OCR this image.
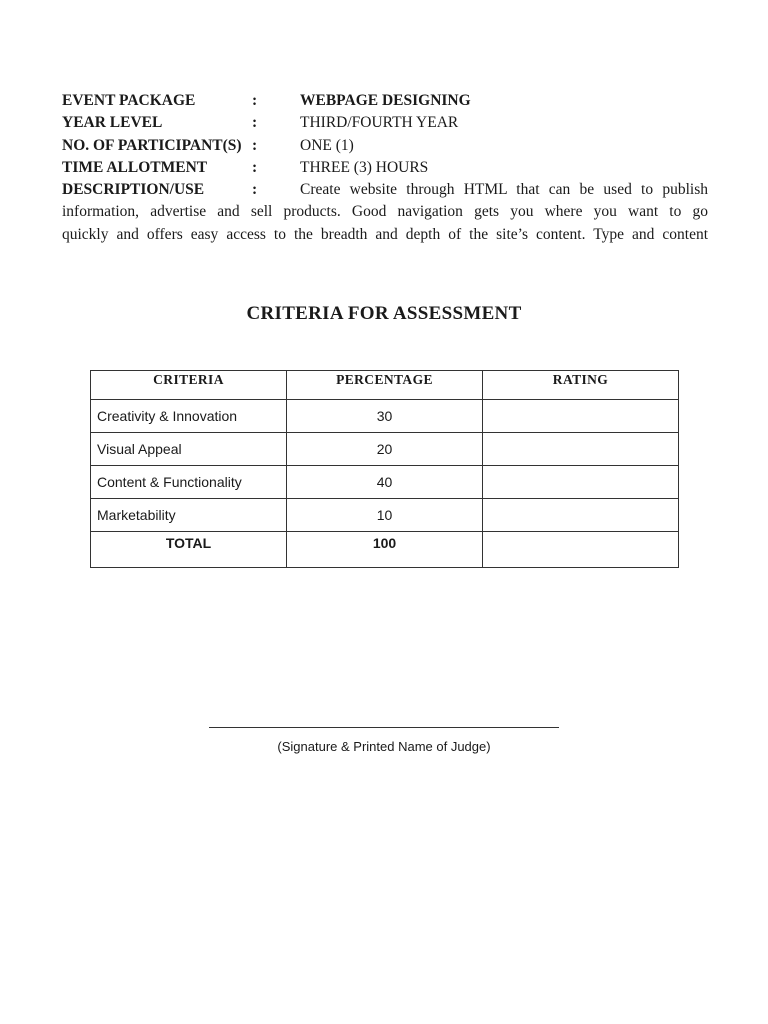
EVENT PACKAGE	:	WEBPAGE DESIGNING
YEAR LEVEL	:	THIRD/FOURTH YEAR
NO. OF PARTICIPANT(S) :	ONE (1)
TIME ALLOTMENT	:	THREE (3) HOURS
DESCRIPTION/USE	:	Create website through HTML that can be used to publish
information, advertise and sell products. Good navigation gets you where you want to go
quickly and offers easy access to the breadth and depth of the site’s content. Type and content
CRITERIA FOR ASSESSMENT
CRITERIA	PERCENTAGE	RATING
Creativity & Innovation	30	
Visual Appeal	20	
Content & Functionality	40	
Marketability	10	
TOTAL	100	
(Signature & Printed Name of Judge)
